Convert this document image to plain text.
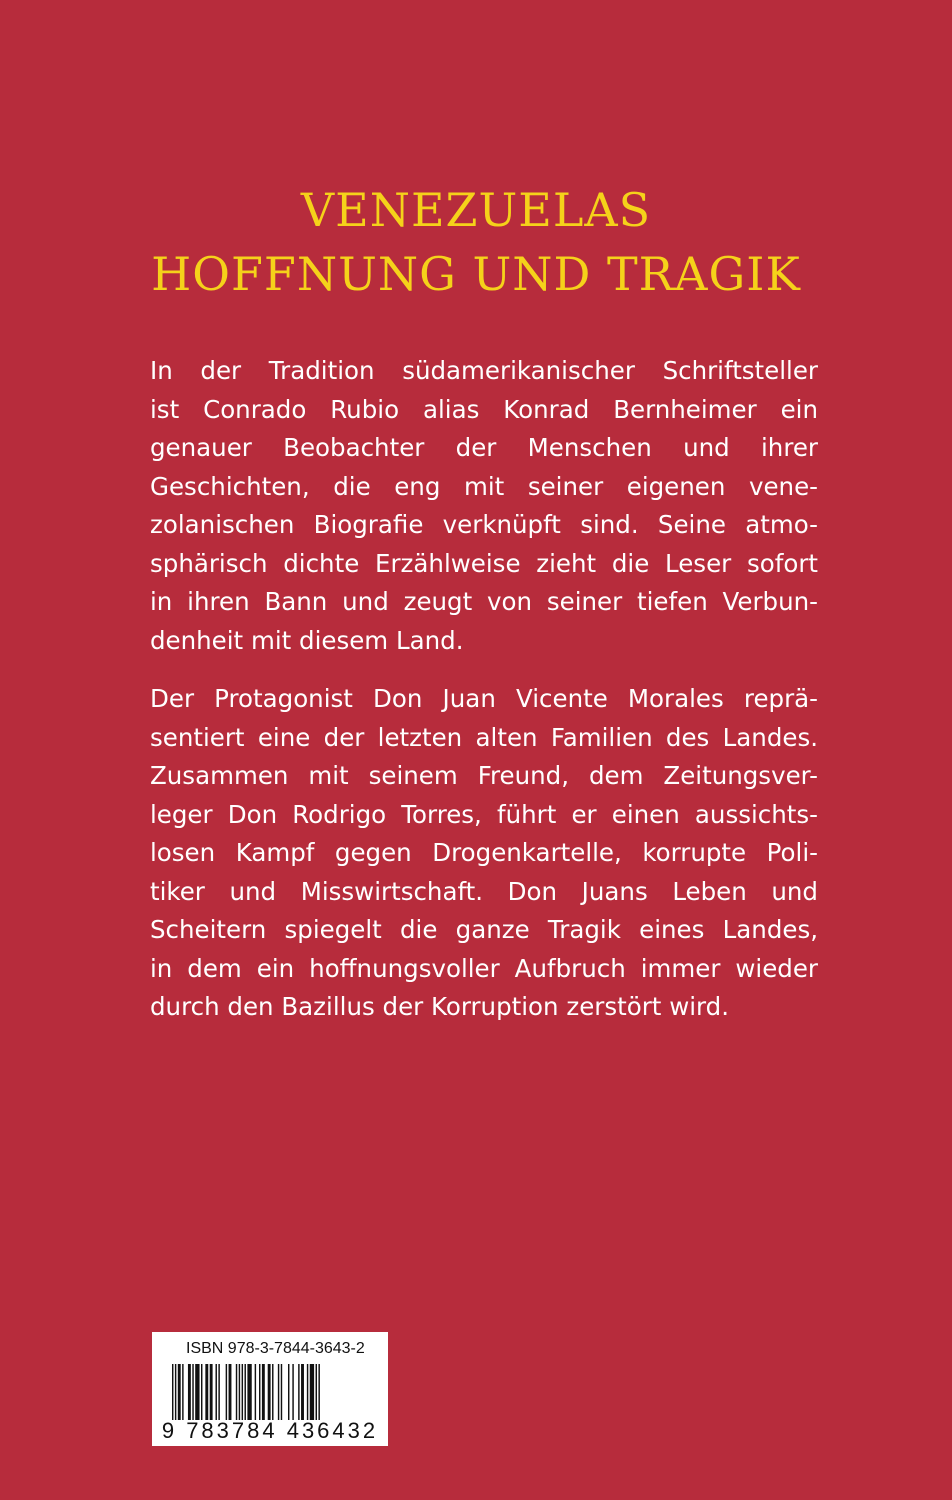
VENEZUELAS
HOFFNUNG UND TRAGIK
In der Tradition südamerikanischer Schriftsteller
ist Conrado Rubio alias Konrad Bernheimer ein
genauer Beobachter der Menschen und ihrer
Geschichten, die eng mit seiner eigenen vene-
zolanischen Biografie verknüpft sind. Seine atmo-
sphärisch dichte Erzählweise zieht die Leser sofort
in ihren Bann und zeugt von seiner tiefen Verbun-
denheit mit diesem Land.
Der Protagonist Don Juan Vicente Morales reprä-
sentiert eine der letzten alten Familien des Landes.
Zusammen mit seinem Freund, dem Zeitungsver-
leger Don Rodrigo Torres, führt er einen aussichts-
losen Kampf gegen Drogenkartelle, korrupte Poli-
tiker und Misswirtschaft. Don Juans Leben und
Scheitern spiegelt die ganze Tragik eines Landes,
in dem ein hoffnungsvoller Aufbruch immer wieder
durch den Bazillus der Korruption zerstört wird.
ISBN 978-3-7844-3643-2
9 783784 436432
